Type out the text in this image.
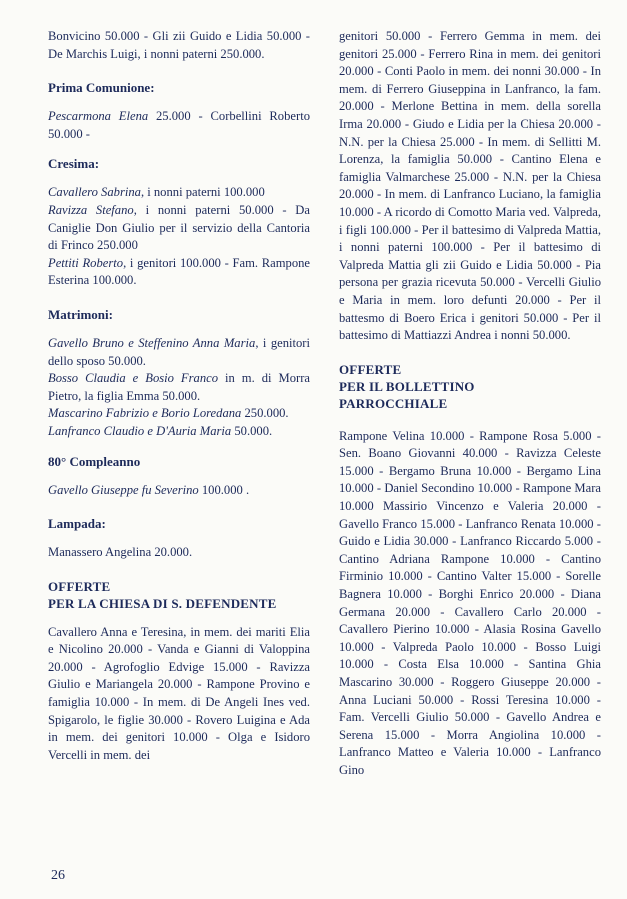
Bonvicino 50.000 - Gli zii Guido e Lidia 50.000 - De Marchis Luigi, i nonni paterni 250.000.

Prima Comunione:

Pescarmona Elena 25.000 - Corbellini Roberto 50.000 -

Cresima:

Cavallero Sabrina, i nonni paterni 100.000

Ravizza Stefano, i nonni paterni 50.000 - Da Caniglie Don Giulio per il servizio della Cantoria di Frinco 250.000

Pettiti Roberto, i genitori 100.000 - Fam. Rampone Esterina 100.000.

Matrimoni:

Gavello Bruno e Steffenino Anna Maria, i genitori dello sposo 50.000.

Bosso Claudia e Bosio Franco in m. di Morra Pietro, la figlia Emma 50.000.

Mascarino Fabrizio e Borio Loredana 250.000.

Lanfranco Claudio e D'Auria Maria 50.000.

80° Compleanno

Gavello Giuseppe fu Severino 100.000 .

Lampada:

Manassero Angelina 20.000.

OFFERTE
PER LA CHIESA DI S. DEFENDENTE

Cavallero Anna e Teresina, in mem. dei mariti Elia e Nicolino 20.000 - Vanda e Gianni di Valoppina 20.000 - Agrofoglio Edvige 15.000 - Ravizza Giulio e Mariangela 20.000 - Rampone Provino e famiglia 10.000 - In mem. di De Angeli Ines ved. Spigarolo, le figlie 30.000 - Rovero Luigina e Ada in mem. dei genitori 10.000 - Olga e Isidoro Vercelli in mem. dei

genitori 50.000 - Ferrero Gemma in mem. dei genitori 25.000 - Ferrero Rina in mem. dei genitori 20.000 - Conti Paolo in mem. dei nonni 30.000 - In mem. di Ferrero Giuseppina in Lanfranco, la fam. 20.000 - Merlone Bettina in mem. della sorella Irma 20.000 - Giudo e Lidia per la Chiesa 20.000 - N.N. per la Chiesa 25.000 - In mem. di Sellitti M. Lorenza, la famiglia 50.000 - Cantino Elena e famiglia Valmarchese 25.000 - N.N. per la Chiesa 20.000 - In mem. di Lanfranco Luciano, la famiglia 10.000 - A ricordo di Comotto Maria ved. Valpreda, i figli 100.000 - Per il battesimo di Valpreda Mattia, i nonni paterni 100.000 - Per il battesimo di Valpreda Mattia gli zii Guido e Lidia 50.000 - Pia persona per grazia ricevuta 50.000 - Vercelli Giulio e Maria in mem. loro defunti 20.000 - Per il battesmo di Boero Erica i genitori 50.000 - Per il battesimo di Mattiazzi Andrea i nonni 50.000.

OFFERTE
PER IL BOLLETTINO
PARROCCHIALE

Rampone Velina 10.000 - Rampone Rosa 5.000 - Sen. Boano Giovanni 40.000 - Ravizza Celeste 15.000 - Bergamo Bruna 10.000 - Bergamo Lina 10.000 - Daniel Secondino 10.000 - Rampone Mara 10.000 Massirio Vincenzo e Valeria 20.000 - Gavello Franco 15.000 - Lanfranco Renata 10.000 - Guido e Lidia 30.000 - Lanfranco Riccardo 5.000 - Cantino Adriana Rampone 10.000 - Cantino Firminio 10.000 - Cantino Valter 15.000 - Sorelle Bagnera 10.000 - Borghi Enrico 20.000 - Diana Germana 20.000 - Cavallero Carlo 20.000 - Cavallero Pierino 10.000 - Alasia Rosina Gavello 10.000 - Valpreda Paolo 10.000 - Bosso Luigi 10.000 - Costa Elsa 10.000 - Santina Ghia Mascarino 30.000 - Roggero Giuseppe 20.000 - Anna Luciani 50.000 - Rossi Teresina 10.000 - Fam. Vercelli Giulio 50.000 - Gavello Andrea e Serena 15.000 - Morra Angiolina 10.000 - Lanfranco Matteo e Valeria 10.000 - Lanfranco Gino

26
